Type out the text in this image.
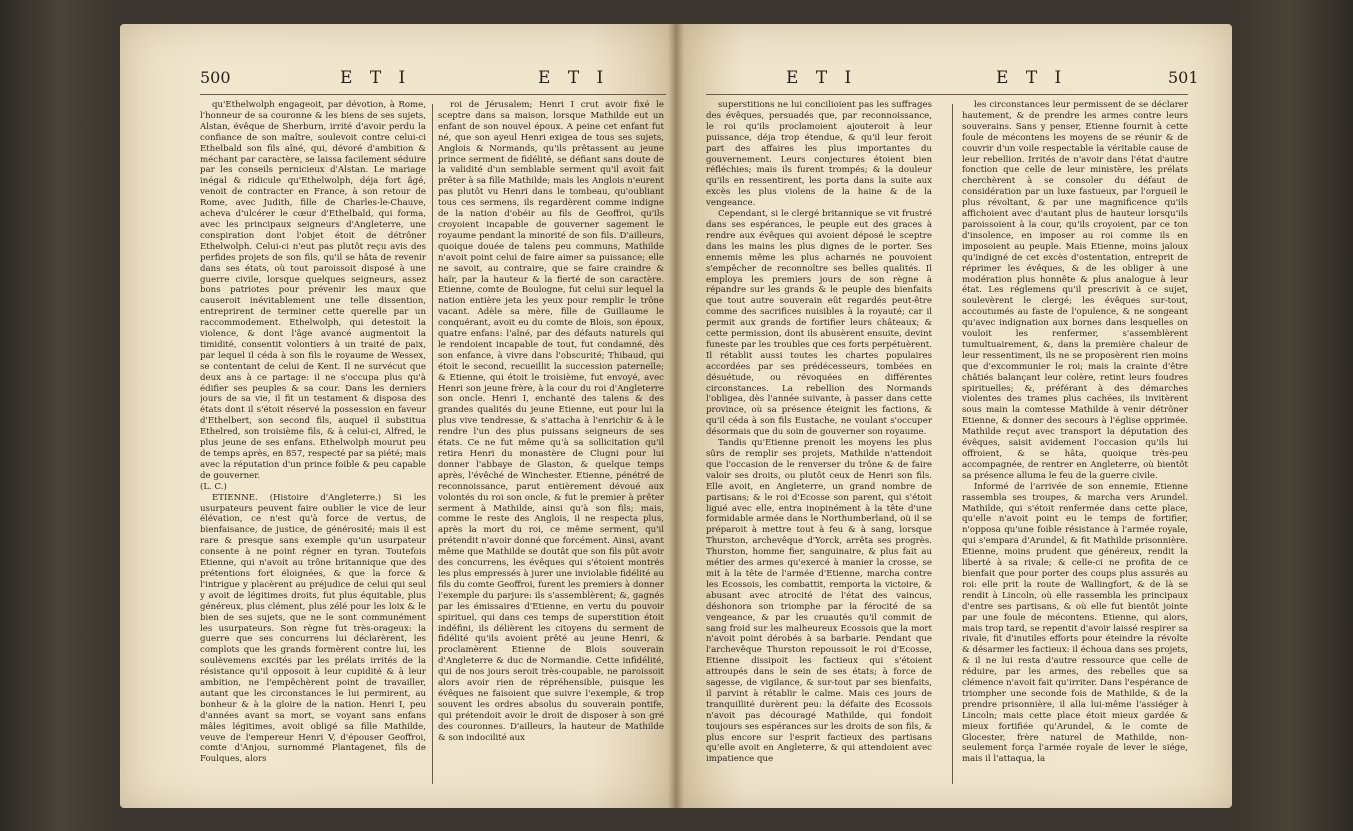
500	E T I	E T I

qu'Ethelwolph engageoit, par dévotion, à Rome, l'honneur de sa couronne & les biens de ses sujets, Alstan, évêque de Sherburn, irrité d'avoir perdu la confiance de son maître, soulevoit contre celui-ci Ethelbald son fils aîné, qui, dévoré d'ambition & méchant par caractère, se laissa facilement séduire par les conseils pernicieux d'Alstan. Le mariage inégal & ridicule qu'Ethelwolph, déja fort âgé, venoit de contracter en France, à son retour de Rome, avec Judith, fille de Charles-le-Chauve, acheva d'ulcérer le cœur d'Ethelbald, qui forma, avec les principaux seigneurs d'Angleterre, une conspiration dont l'objet étoit de détrôner Ethelwolph. Celui-ci n'eut pas plutôt reçu avis des perfides projets de son fils, qu'il se hâta de revenir dans ses états, où tout paroissoit disposé à une guerre civile, lorsque quelques seigneurs, assez bons patriotes pour prévenir les maux que causeroit inévitablement une telle dissention, entreprirent de terminer cette querelle par un raccommodement. Ethelwolph, qui detestoit la violence, & dont l'âge avancé augmentoit la timidité, consentit volontiers à un traité de paix, par lequel il céda à son fils le royaume de Wessex, se contentant de celui de Kent. Il ne survécut que deux ans à ce partage: il ne s'occupa plus qu'à édifier ses peuples & sa cour. Dans les derniers jours de sa vie, il fit un testament & disposa des états dont il s'étoit réservé la possession en faveur d'Ethelbert, son second fils, auquel il substitua Ethelred, son troisième fils, & à celui-ci, Alfred, le plus jeune de ses enfans. Ethelwolph mourut peu de temps après, en 857, respecté par sa piété; mais avec la réputation d'un prince foible & peu capable de gouverner.

(L. C.)

ETIENNE. (Histoire d'Angleterre.) Si les usurpateurs peuvent faire oublier le vice de leur élévation, ce n'est qu'à force de vertus, de bienfaisance, de justice, de générosité; mais il est rare & presque sans exemple qu'un usurpateur consente à ne point régner en tyran. Toutefois Etienne, qui n'avoit au trône britannique que des prétentions fort éloignées, & que la force & l'intrigue y placèrent au préjudice de celui qui seul y avoit de légitimes droits, fut plus équitable, plus généreux, plus clément, plus zélé pour les loix & le bien de ses sujets, que ne le sont communément les usurpateurs. Son règne fut très-orageux: la guerre que ses concurrens lui déclarèrent, les complots que les grands formèrent contre lui, les soulèvemens excités par les prélats irrités de la résistance qu'il opposoit à leur cupidité & à leur ambition, ne l'empêchèrent point de travailler, autant que les circonstances le lui permirent, au bonheur & à la gloire de la nation. Henri I, peu d'années avant sa mort, se voyant sans enfans mâles légitimes, avoit obligé sa fille Mathilde, veuve de l'empereur Henri V, d'épouser Geoffroi, comte d'Anjou, surnommé Plantagenet, fils de Foulques, alors

roi de Jérusalem; Henri I crut avoir fixé le sceptre dans sa maison, lorsque Mathilde eut un enfant de son nouvel époux. A peine cet enfant fut né, que son ayeul Henri exigea de tous ses sujets, Anglois & Normands, qu'ils prêtassent au jeune prince serment de fidélité, se défiant sans doute de la validité d'un semblable serment qu'il avoit fait prêter à sa fille Mathilde; mais les Anglois n'eurent pas plutôt vu Henri dans le tombeau, qu'oubliant tous ces sermens, ils regardèrent comme indigne de la nation d'obéir au fils de Geoffroi, qu'ils croyoient incapable de gouverner sagement le royaume pendant la minorité de son fils. D'ailleurs, quoique douée de talens peu communs, Mathilde n'avoit point celui de faire aimer sa puissance; elle ne savoit, au contraire, que se faire craindre & haïr, par la hauteur & la fierté de son caractère. Etienne, comte de Boulogne, fut celui sur lequel la nation entière jeta les yeux pour remplir le trône vacant. Adèle sa mère, fille de Guillaume le conquérant, avoit eu du comte de Blois, son époux, quatre enfans: l'aîné, par des défauts naturels qui le rendoient incapable de tout, fut condamné, dès son enfance, à vivre dans l'obscurité; Thibaud, qui étoit le second, recueillit la succession paternelle; & Etienne, qui étoit le troisième, fut envoyé, avec Henri son jeune frère, à la cour du roi d'Angleterre son oncle. Henri I, enchanté des talens & des grandes qualités du jeune Etienne, eut pour lui la plus vive tendresse, & s'attacha à l'enrichir & à le rendre l'un des plus puissans seigneurs de ses états. Ce ne fut même qu'à sa sollicitation qu'il retira Henri du monastère de Clugni pour lui donner l'abbaye de Glaston, & quelque temps après, l'évêché de Winchester. Etienne, pénétré de reconnoissance, parut entièrement dévoué aux volontés du roi son oncle, & fut le premier à prêter serment à Mathilde, ainsi qu'à son fils; mais, comme le reste des Anglois, il ne respecta plus, après la mort du roi, ce même serment, qu'il prétendit n'avoir donné que forcément. Ainsi, avant même que Mathilde se doutât que son fils pût avoir des concurrens, les évêques qui s'étoient montrés les plus empressés à jurer une inviolable fidélité au fils du comte Geoffroi, furent les premiers à donner l'exemple du parjure: ils s'assemblèrent; &, gagnés par les émissaires d'Etienne, en vertu du pouvoir spirituel, qui dans ces temps de superstition étoit indéfini, ils délièrent les citoyens du serment de fidélité qu'ils avoient prêté au jeune Henri, & proclamèrent Etienne de Blois souverain d'Angleterre & duc de Normandie. Cette infidélité, qui de nos jours seroit très-coupable, ne paroissoit alors avoir rien de répréhensible, puisque les évêques ne faisoient que suivre l'exemple, & trop souvent les ordres absolus du souverain pontife, qui prétendoit avoir le droit de disposer à son gré des couronnes. D'ailleurs, la hauteur de Mathilde & son indocilité aux

E T I	E T I	501

superstitions ne lui concilioient pas les suffrages des évêques, persuadés que, par reconnoissance, le roi qu'ils proclamoient ajouteroit à leur puissance, déja trop étendue, & qu'il leur feroit part des affaires les plus importantes du gouvernement. Leurs conjectures étoient bien réfléchies; mais ils furent trompés; & la douleur qu'ils en ressentirent, les porta dans la suite aux excès les plus violens de la haine & de la vengeance.

Cependant, si le clergé britannique se vit frustré dans ses espérances, le peuple eut des graces à rendre aux évêques qui avoient déposé le sceptre dans les mains les plus dignes de le porter. Ses ennemis même les plus acharnés ne pouvoient s'empêcher de reconnoître ses belles qualités. Il employa les premiers jours de son règne à répandre sur les grands & le peuple des bienfaits que tout autre souverain eût regardés peut-être comme des sacrifices nuisibles à la royauté; car il permit aux grands de fortifier leurs châteaux; & cette permission, dont ils abusèrent ensuite, devint funeste par les troubles que ces forts perpétuèrent. Il rétablit aussi toutes les chartes populaires accordées par ses prédécesseurs, tombées en désuétude, ou révoquées en différentes circonstances. La rebellion des Normands l'obligea, dès l'année suivante, à passer dans cette province, où sa présence éteignit les factions, & qu'il céda à son fils Eustache, ne voulant s'occuper désormais que du soin de gouverner son royaume.

Tandis qu'Etienne prenoit les moyens les plus sûrs de remplir ses projets, Mathilde n'attendoit que l'occasion de le renverser du trône & de faire valoir ses droits, ou plutôt ceux de Henri son fils. Elle avoit, en Angleterre, un grand nombre de partisans; & le roi d'Ecosse son parent, qui s'étoit ligué avec elle, entra inopinément à la tête d'une formidable armée dans le Northumberland, où il se préparoit à mettre tout à feu & à sang, lorsque Thurston, archevêque d'Yorck, arrêta ses progrès. Thurston, homme fier, sanguinaire, & plus fait au métier des armes qu'exercé à manier la crosse, se mit à la tête de l'armée d'Etienne, marcha contre les Ecossois, les combattit, remporta la victoire, & abusant avec atrocité de l'état des vaincus, déshonora son triomphe par la férocité de sa vengeance, & par les cruautés qu'il commit de sang froid sur les malheureux Ecossois que la mort n'avoit point dérobés à sa barbarie. Pendant que l'archevêque Thurston repoussoit le roi d'Ecosse, Etienne dissipoit les factieux qui s'étoient attroupés dans le sein de ses états; à force de sagesse, de vigilance, & sur-tout par ses bienfaits, il parvint à rétablir le calme. Mais ces jours de tranquillité durèrent peu: la défaite des Ecossois n'avoit pas découragé Mathilde, qui fondoit toujours ses espérances sur les droits de son fils, & plus encore sur l'esprit factieux des partisans qu'elle avoit en Angleterre, & qui attendoient avec impatience que

les circonstances leur permissent de se déclarer hautement, & de prendre les armes contre leurs souverains. Sans y penser, Etienne fournit à cette foule de mécontens les moyens de se réunir & de couvrir d'un voile respectable la véritable cause de leur rebellion. Irrités de n'avoir dans l'état d'autre fonction que celle de leur ministère, les prélats cherchèrent à se consoler du défaut de considération par un luxe fastueux, par l'orgueil le plus révoltant, & par une magnificence qu'ils affichoient avec d'autant plus de hauteur lorsqu'ils paroissoient à la cour, qu'ils croyoient, par ce ton d'insolence, en imposer au roi comme ils en imposoient au peuple. Mais Etienne, moins jaloux qu'indigné de cet excès d'ostentation, entreprit de réprimer les évêques, & de les obliger à une modération plus honnête & plus analogue à leur état. Les réglemens qu'il prescrivit à ce sujet, soulevèrent le clergé; les évêques sur-tout, accoutumés au faste de l'opulence, & ne songeant qu'avec indignation aux bornes dans lesquelles on vouloit les renfermer, s'assemblèrent tumultuairement, &, dans la première chaleur de leur ressentiment, ils ne se proposèrent rien moins que d'excommunier le roi; mais la crainte d'être châtiés balançant leur colère, retint leurs foudres spirituelles; &, préférant à des démarches violentes des trames plus cachées, ils invitèrent sous main la comtesse Mathilde à venir détrôner Etienne, & donner des secours à l'église opprimée. Mathilde reçut avec transport la députation des évêques, saisit avidement l'occasion qu'ils lui offroient, & se hâta, quoique très-peu accompagnée, de rentrer en Angleterre, où bientôt sa présence alluma le feu de la guerre civile.

Informé de l'arrivée de son ennemie, Etienne rassembla ses troupes, & marcha vers Arundel. Mathilde, qui s'étoit renfermée dans cette place, qu'elle n'avoit point eu le temps de fortifier, n'opposa qu'une foible résistance à l'armée royale, qui s'empara d'Arundel, & fit Mathilde prisonnière. Etienne, moins prudent que généreux, rendit la liberté à sa rivale; & celle-ci ne profita de ce bienfait que pour porter des coups plus assurés au roi: elle prit la route de Wallingfort, & de là se rendit à Lincoln, où elle rassembla les principaux d'entre ses partisans, & où elle fut bientôt jointe par une foule de mécontens. Etienne, qui alors, mais trop tard, se repentit d'avoir laissé respirer sa rivale, fit d'inutiles efforts pour éteindre la révolte & désarmer les factieux: il échoua dans ses projets, & il ne lui resta d'autre ressource que celle de réduire, par les armes, des rebelles que sa clémence n'avoit fait qu'irriter. Dans l'espérance de triompher une seconde fois de Mathilde, & de la prendre prisonnière, il alla lui-même l'assiéger à Lincoln; mais cette place étoit mieux gardée & mieux fortifiée qu'Arundel, & le comte de Glocester, frère naturel de Mathilde, non-seulement força l'armée royale de lever le siége, mais il l'attaqua, la
